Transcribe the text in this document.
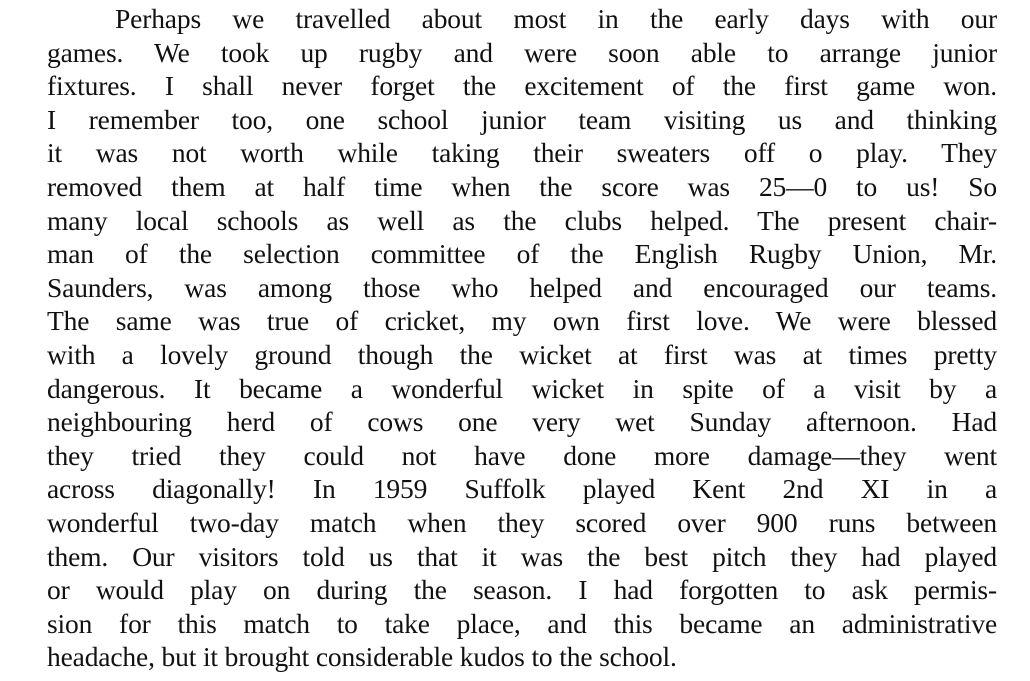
Perhaps we travelled about most in the early days with our
games. We took up rugby and were soon able to arrange junior
fixtures. I shall never forget the excitement of the first game won.
I remember too, one school junior team visiting us and thinking
it was not worth while taking their sweaters off o play. They
removed them at half time when the score was 25—0 to us! So
many local schools as well as the clubs helped. The present chair-
man of the selection committee of the English Rugby Union, Mr.
Saunders, was among those who helped and encouraged our teams.
The same was true of cricket, my own first love. We were blessed
with a lovely ground though the wicket at first was at times pretty
dangerous. It became a wonderful wicket in spite of a visit by a
neighbouring herd of cows one very wet Sunday afternoon. Had
they tried they could not have done more damage—they went
across diagonally! In 1959 Suffolk played Kent 2nd XI in a
wonderful two-day match when they scored over 900 runs between
them. Our visitors told us that it was the best pitch they had played
or would play on during the season. I had forgotten to ask permis-
sion for this match to take place, and this became an administrative
headache, but it brought considerable kudos to the school.
